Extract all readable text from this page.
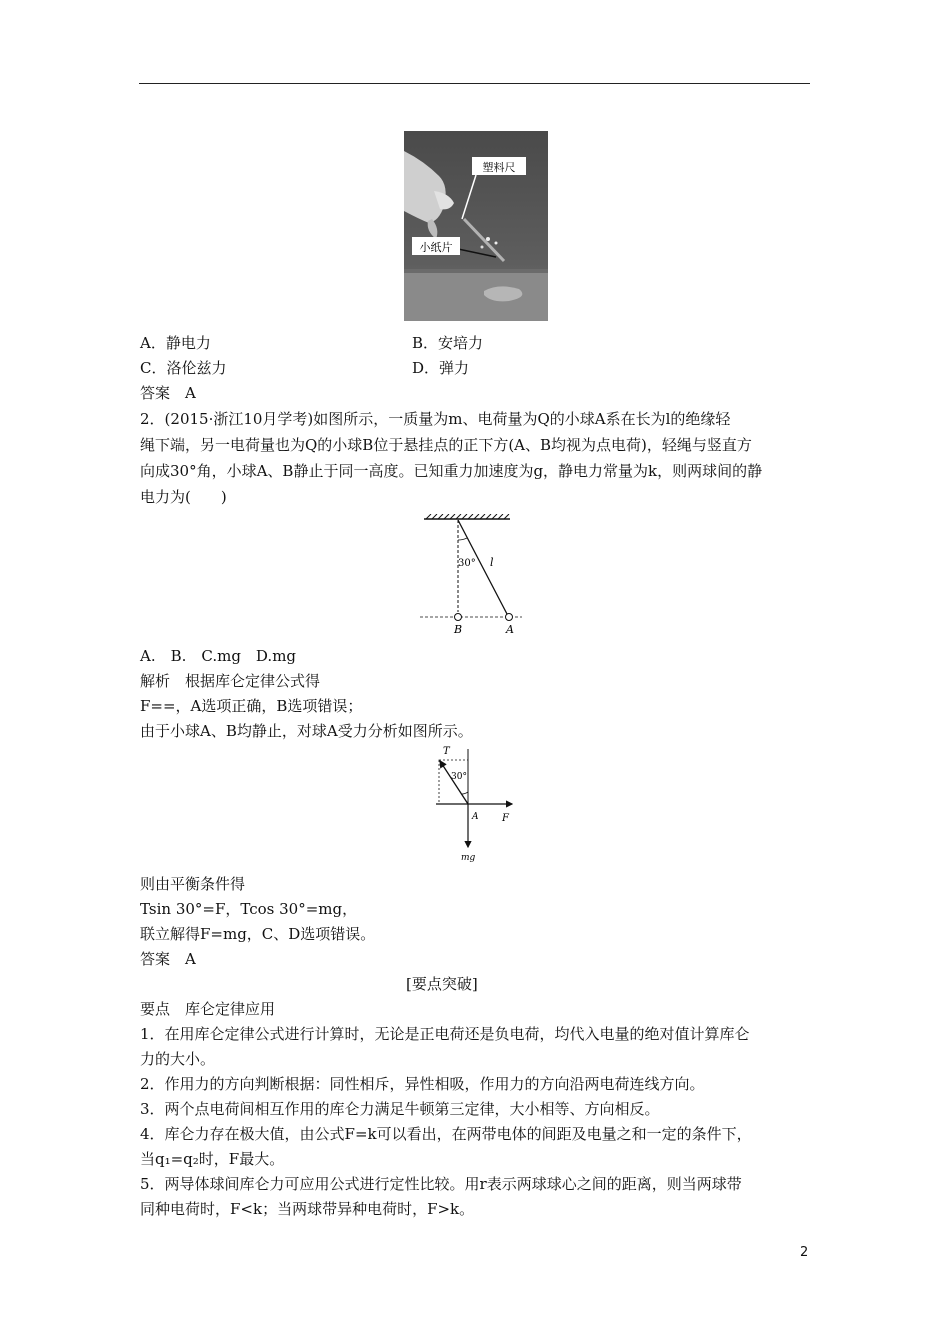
塑料尺
小纸片
A．静电力	B．安培力
C．洛伦兹力	D．弹力
答案　A
2．(2015·浙江10月学考)如图所示，一质量为m、电荷量为Q的小球A系在长为l的绝缘轻
绳下端，另一电荷量也为Q的小球B位于悬挂点的正下方(A、B均视为点电荷)，轻绳与竖直方
向成30°角，小球A、B静止于同一高度。已知重力加速度为g，静电力常量为k，则两球间的静
电力为(　　)
30° l
B	A
A.　B.　C.mg　D.mg
解析　根据库仑定律公式得
F==，A选项正确，B选项错误；
由于小球A、B均静止，对球A受力分析如图所示。
T
30°
A F
mg
则由平衡条件得
Tsin 30°=F，Tcos 30°=mg，
联立解得F=mg，C、D选项错误。
答案　A
[要点突破]
要点　库仑定律应用
1．在用库仑定律公式进行计算时，无论是正电荷还是负电荷，均代入电量的绝对值计算库仑
力的大小。
2．作用力的方向判断根据：同性相斥，异性相吸，作用力的方向沿两电荷连线方向。
3．两个点电荷间相互作用的库仑力满足牛顿第三定律，大小相等、方向相反。
4．库仑力存在极大值，由公式F=k可以看出，在两带电体的间距及电量之和一定的条件下，
当q₁=q₂时，F最大。
5．两导体球间库仑力可应用公式进行定性比较。用r表示两球球心之间的距离，则当两球带
同种电荷时，F<k；当两球带异种电荷时，F>k。
2
